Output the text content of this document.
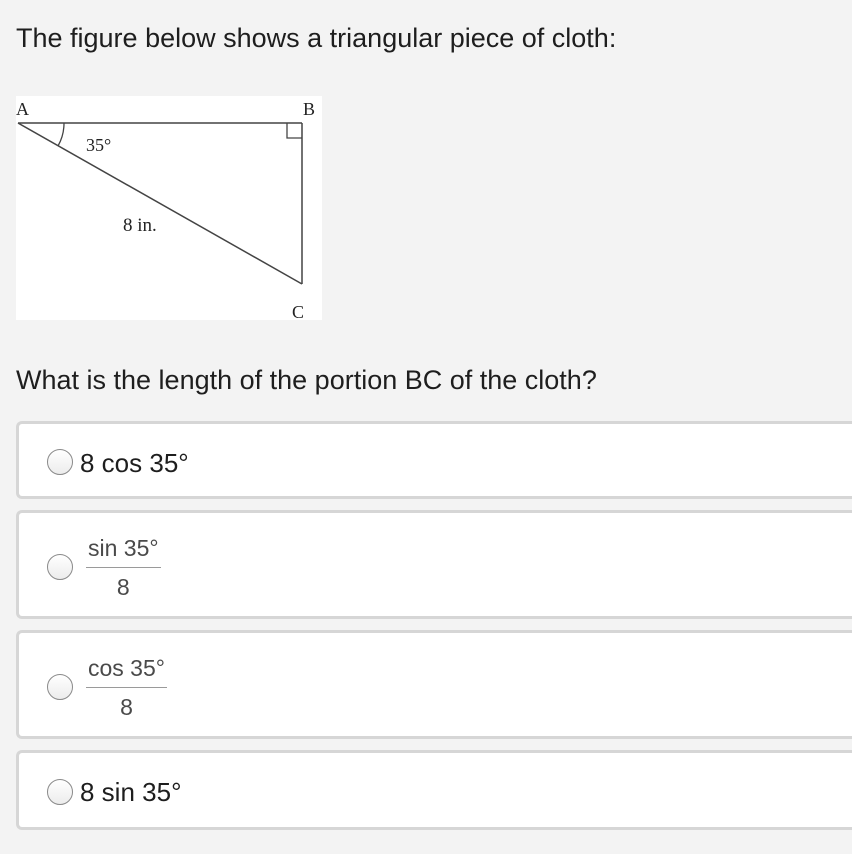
The figure below shows a triangular piece of cloth:
A	B
C
35°
8 in.
What is the length of the portion BC of the cloth?
8 cos 35°
$\frac{\sin 35^\circ}{8}$
$\frac{\cos 35^\circ}{8}$
8 sin 35°
